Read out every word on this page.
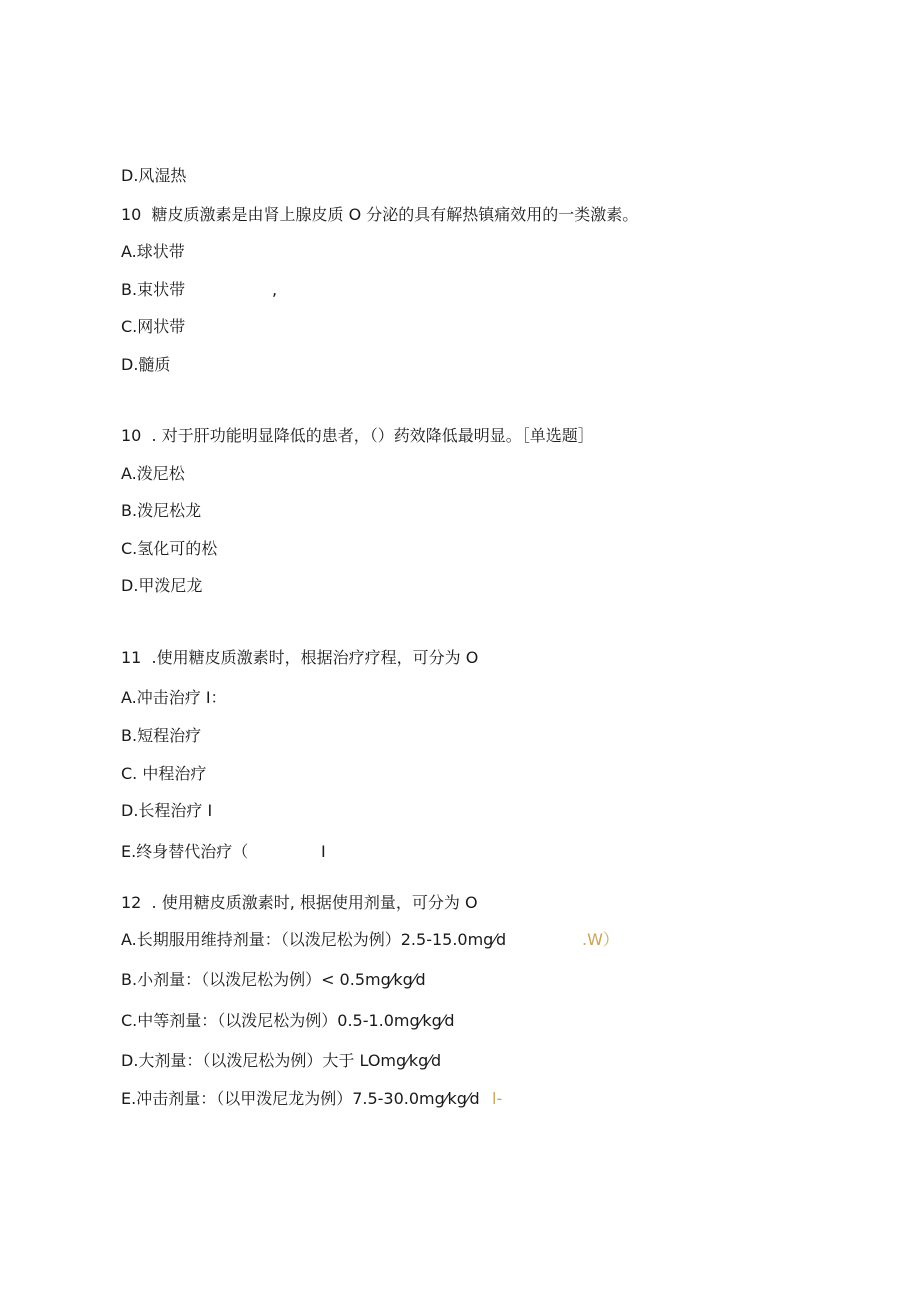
D.风湿热
10  糖皮质激素是由肾上腺皮质 O 分泌的具有解热镇痛效用的一类激素。
A.球状带
B.束状带	,
C.网状带
D.髓质
10  . 对于肝功能明显降低的患者，（）药效降低最明显。［单选题］
A.泼尼松
B.泼尼松龙
C.氢化可的松
D.甲泼尼龙
11  .使用糖皮质激素时，根据治疗疗程，可分为 O
A.冲击治疗 I：
B.短程治疗
C. 中程治疗
D.长程治疗 I
E.终身替代治疗（	I
12  . 使用糖皮质激素时, 根据使用剂量，可分为 O
A.长期服用维持剂量：（以泼尼松为例）2.5-15.0mg⁄d	.W）
B.小剂量：（以泼尼松为例）< 0.5mg⁄kg⁄d
C.中等剂量：（以泼尼松为例）0.5-1.0mg⁄kg⁄d
D.大剂量：（以泼尼松为例）大于 LOmg⁄kg⁄d
E.冲击剂量：（以甲泼尼龙为例）7.5-30.0mg⁄kg⁄d l-
